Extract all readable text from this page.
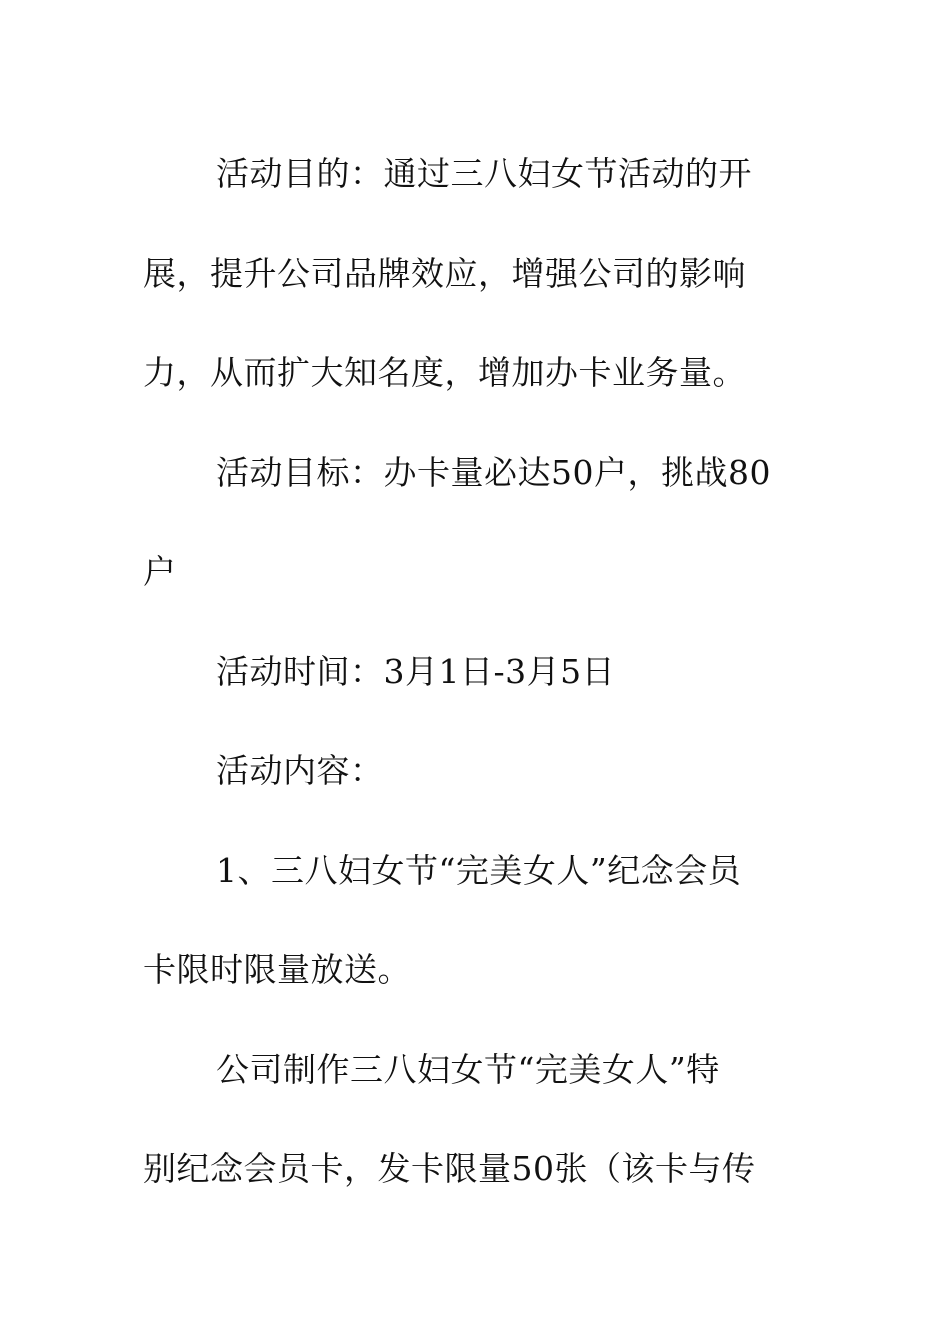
活动目的：通过三八妇女节活动的开
展，提升公司品牌效应，增强公司的影响
力，从而扩大知名度，增加办卡业务量。

活动目标：办卡量必达50户，挑战80
户

活动时间：3月1日-3月5日

活动内容：

1、三八妇女节“完美女人”纪念会员
卡限时限量放送。

公司制作三八妇女节“完美女人”特
别纪念会员卡，发卡限量50张（该卡与传
